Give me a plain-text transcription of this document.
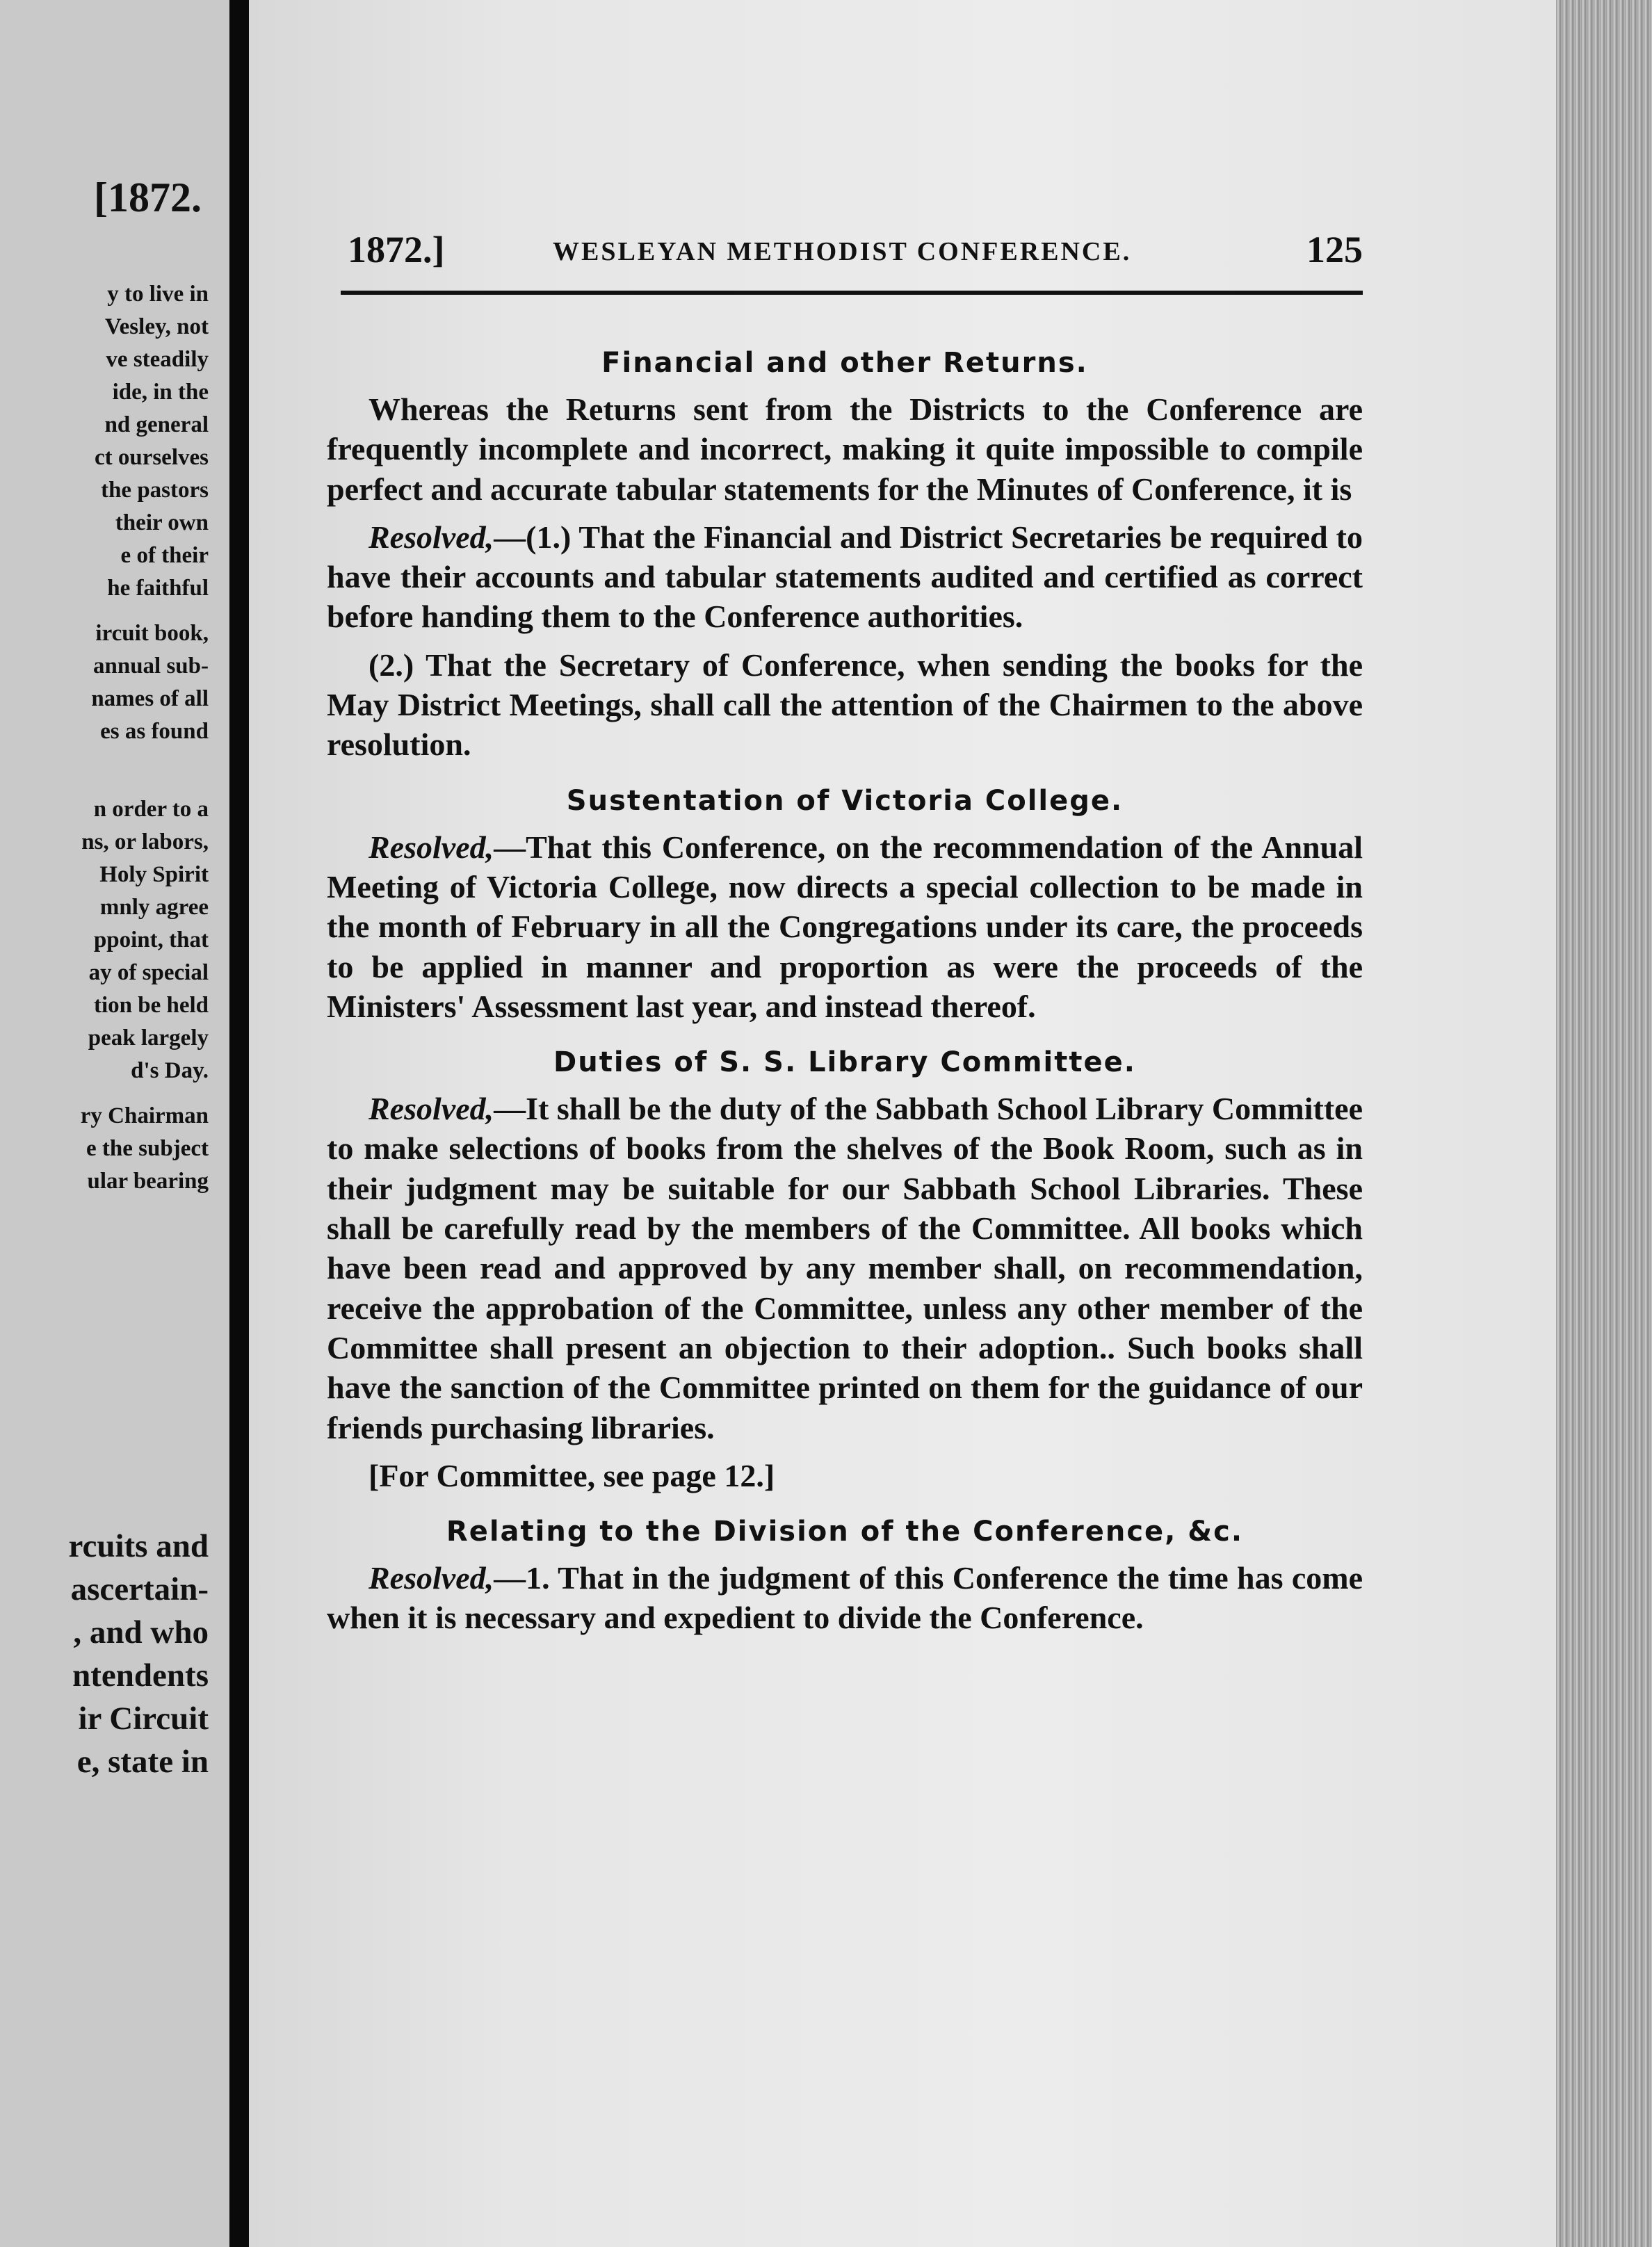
[1872.
y to live in
Vesley, not
ve steadily
ide, in the
nd general
ct ourselves
the pastors
their own
e of their
he faithful
ircuit book,
annual sub-
names of all
es as found
n order to a
ns, or labors,
Holy Spirit
mnly agree
ppoint, that
ay of special
tion be held
peak largely
d's Day.
ry Chairman
e the subject
ular bearing
rcuits and
ascertain-
, and who
ntendents
ir Circuit
e, state in
1872.]	WESLEYAN METHODIST CONFERENCE.	125
Financial and other Returns.

Whereas the Returns sent from the Districts to the Conference are frequently incomplete and incorrect, making it quite impossible to compile perfect and accurate tabular statements for the Minutes of Conference, it is

Resolved,—(1.) That the Financial and District Secretaries be required to have their accounts and tabular statements audited and certified as correct before handing them to the Conference authorities.

(2.) That the Secretary of Conference, when sending the books for the May District Meetings, shall call the attention of the Chairmen to the above resolution.

Sustentation of Victoria College.

Resolved,—That this Conference, on the recommendation of the Annual Meeting of Victoria College, now directs a special collection to be made in the month of February in all the Congregations under its care, the proceeds to be applied in manner and proportion as were the proceeds of the Ministers' Assessment last year, and instead thereof.

Duties of S. S. Library Committee.

Resolved,—It shall be the duty of the Sabbath School Library Committee to make selections of books from the shelves of the Book Room, such as in their judgment may be suitable for our Sabbath School Libraries. These shall be carefully read by the members of the Committee. All books which have been read and approved by any member shall, on recommendation, receive the approbation of the Committee, unless any other member of the Committee shall present an objection to their adoption.. Such books shall have the sanction of the Committee printed on them for the guidance of our friends purchasing libraries.

[For Committee, see page 12.]

Relating to the Division of the Conference, &c.

Resolved,—1. That in the judgment of this Conference the time has come when it is necessary and expedient to divide the Conference.
